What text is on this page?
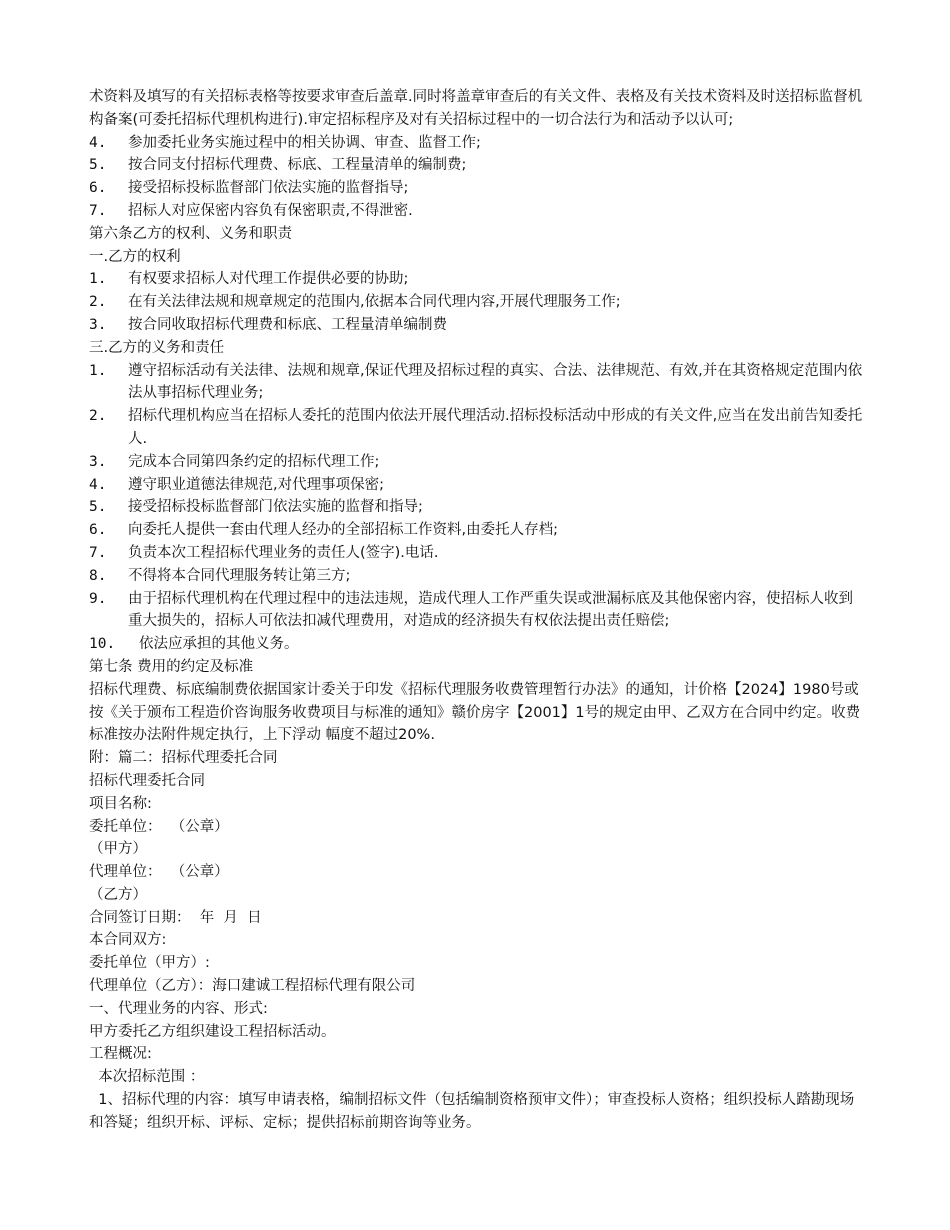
术资料及填写的有关招标表格等按要求审查后盖章.同时将盖章审查后的有关文件、表格及有关技术资料及时送招标监督机构备案(可委托招标代理机构进行).审定招标程序及对有关招标过程中的一切合法行为和活动予以认可;

4.	参加委托业务实施过程中的相关协调、审查、监督工作;
5.	按合同支付招标代理费、标底、工程量清单的编制费;
6.	接受招标投标监督部门依法实施的监督指导;
7.	招标人对应保密内容负有保密职责,不得泄密.

第六条乙方的权利、义务和职责

一.乙方的权利

1.	有权要求招标人对代理工作提供必要的协助;
2.	在有关法律法规和规章规定的范围内,依据本合同代理内容,开展代理服务工作;
3.	按合同收取招标代理费和标底、工程量清单编制费

三.乙方的义务和责任

1.	遵守招标活动有关法律、法规和规章,保证代理及招标过程的真实、合法、法律规范、有效,并在其资格规定范围内依法从事招标代理业务;
2.	招标代理机构应当在招标人委托的范围内依法开展代理活动.招标投标活动中形成的有关文件,应当在发出前告知委托人.
3.	完成本合同第四条约定的招标代理工作;
4.	遵守职业道德法律规范,对代理事项保密;
5.	接受招标投标监督部门依法实施的监督和指导;
6.	向委托人提供一套由代理人经办的全部招标工作资料,由委托人存档;
7.	负责本次工程招标代理业务的责任人(签字).电话.
8.	不得将本合同代理服务转让第三方;
9.	由于招标代理机构在代理过程中的违法违规，造成代理人工作严重失误或泄漏标底及其他保密内容，使招标人收到重大损失的，招标人可依法扣减代理费用，对造成的经济损失有权依法提出责任赔偿;
10.	依法应承担的其他义务。

第七条 费用的约定及标准

招标代理费、标底编制费依据国家计委关于印发《招标代理服务收费管理暂行办法》的通知，计价格【2024】1980号或按《关于颁布工程造价咨询服务收费项目与标准的通知》赣价房字【2001】1号的规定由甲、乙双方在合同中约定。收费标准按办法附件规定执行，上下浮动 幅度不超过20%.

附：篇二：招标代理委托合同

招标代理委托合同

项目名称:

委托单位：  （公章）

（甲方）

代理单位：  （公章）

（乙方）

合同签订日期：  年  月  日

本合同双方:

委托单位（甲方）:

代理单位（乙方）：海口建诚工程招标代理有限公司

一、代理业务的内容、形式:

甲方委托乙方组织建设工程招标活动。

工程概况:

本次招标范围 ：

1、招标代理的内容：填写申请表格，编制招标文件（包括编制资格预审文件）；审查投标人资格；组织投标人踏勘现场和答疑；组织开标、评标、定标；提供招标前期咨询等业务。
